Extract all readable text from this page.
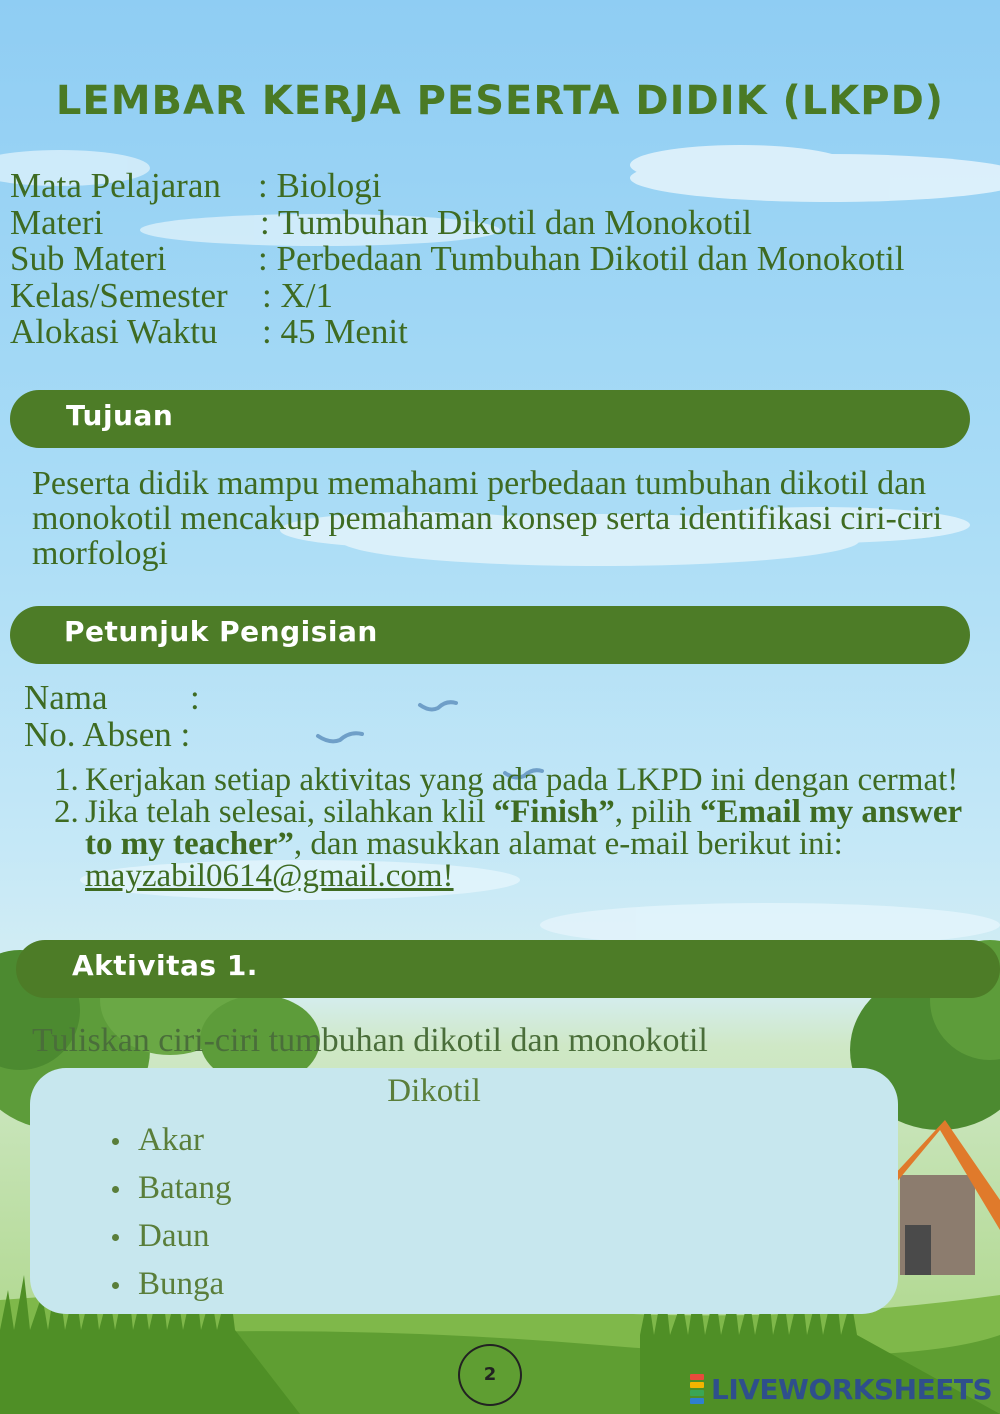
LEMBAR KERJA PESERTA DIDIK (LKPD)
Mata Pelajaran : Biologi
Materi	: Tumbuhan Dikotil dan Monokotil
Sub Materi	: Perbedaan Tumbuhan Dikotil dan Monokotil
Kelas/Semester : X/1
Alokasi Waktu : 45 Menit
Tujuan

Peserta didik mampu memahami perbedaan tumbuhan dikotil dan monokotil mencakup pemahaman konsep serta identifikasi ciri-ciri morfologi

Petunjuk Pengisian
Nama :
No. Absen :
1. Kerjakan setiap aktivitas yang ada pada LKPD ini dengan cermat!
2. Jika telah selesai, silahkan klil “Finish”, pilih “Email my answer to my teacher”, dan masukkan alamat e-mail berikut ini: mayzabil0614@gmail.com!
Aktivitas 1.
Tuliskan ciri-ciri tumbuhan dikotil dan monokotil
Dikotil
Akar
Batang
Daun
Bunga
2	LIVEWORKSHEETS
